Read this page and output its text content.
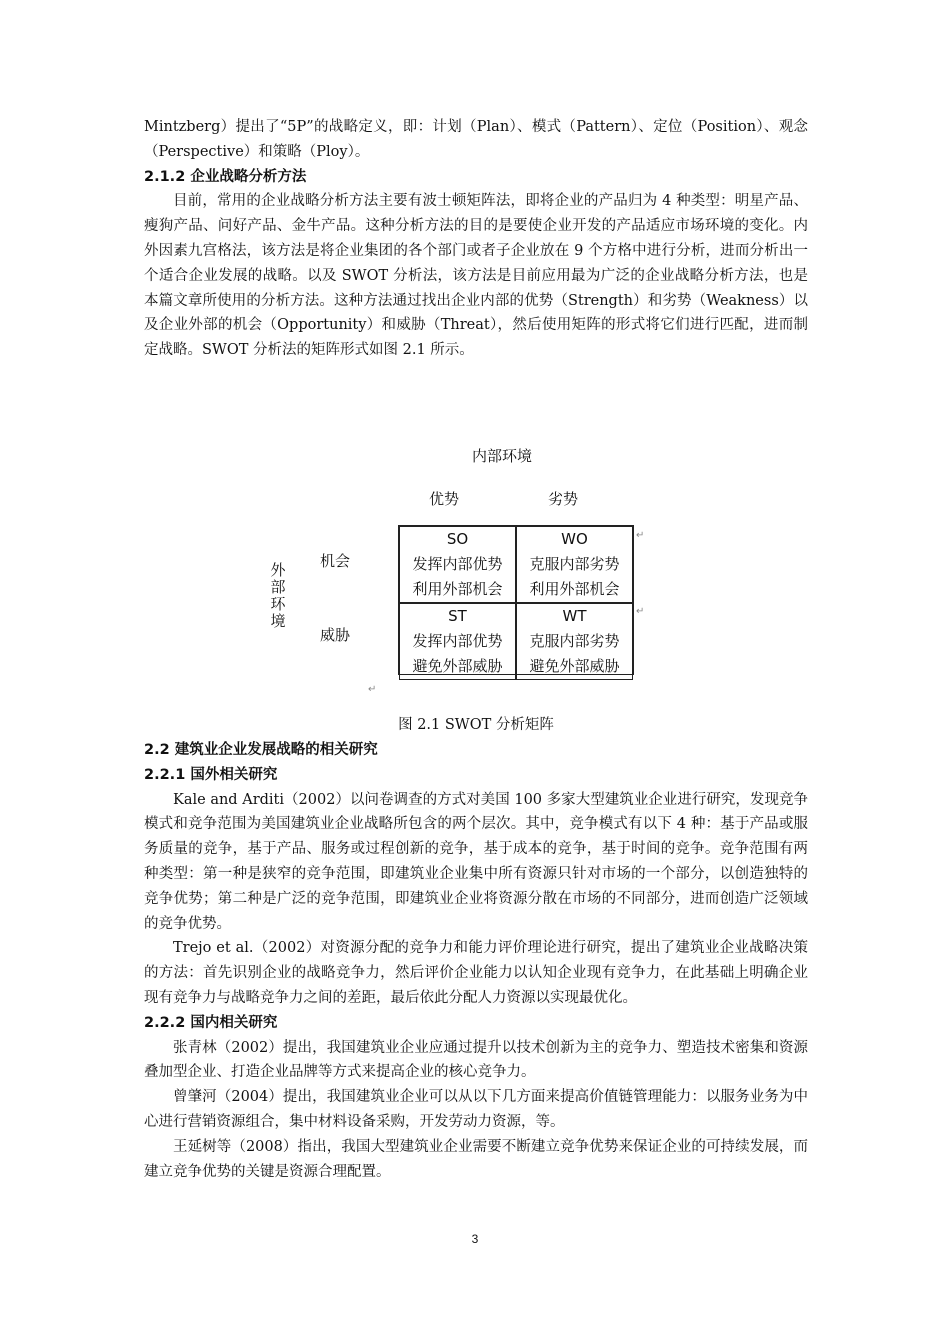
Mintzberg）提出了“5P”的战略定义，即：计划（Plan）、模式（Pattern）、定位（Position）、观念（Perspective）和策略（Ploy）。

2.1.2 企业战略分析方法

目前，常用的企业战略分析方法主要有波士顿矩阵法，即将企业的产品归为 4 种类型：明星产品、瘦狗产品、问好产品、金牛产品。这种分析方法的目的是要使企业开发的产品适应市场环境的变化。内外因素九宫格法，该方法是将企业集团的各个部门或者子企业放在 9 个方格中进行分析，进而分析出一个适合企业发展的战略。以及 SWOT 分析法，该方法是目前应用最为广泛的企业战略分析方法，也是本篇文章所使用的分析方法。这种方法通过找出企业内部的优势（Strength）和劣势（Weakness）以及企业外部的机会（Opportunity）和威胁（Threat），然后使用矩阵的形式将它们进行匹配，进而制定战略。SWOT 分析法的矩阵形式如图 2.1 所示。

内部环境
优势	劣势
外
部
环
境
机会
威胁
SO
发挥内部优势
利用外部机会
WO
克服内部劣势
利用外部机会
ST
发挥内部优势
避免外部威胁
WT
克服内部劣势
避免外部威胁
↵
↵
↵
图 2.1 SWOT 分析矩阵
2.2 建筑业企业发展战略的相关研究
2.2.1 国外相关研究

Kale and Arditi（2002）以问卷调查的方式对美国 100 多家大型建筑业企业进行研究，发现竞争模式和竞争范围为美国建筑业企业战略所包含的两个层次。其中，竞争模式有以下 4 种：基于产品或服务质量的竞争，基于产品、服务或过程创新的竞争，基于成本的竞争，基于时间的竞争。竞争范围有两种类型：第一种是狭窄的竞争范围，即建筑业企业集中所有资源只针对市场的一个部分，以创造独特的竞争优势；第二种是广泛的竞争范围，即建筑业企业将资源分散在市场的不同部分，进而创造广泛领域的竞争优势。

Trejo et al.（2002）对资源分配的竞争力和能力评价理论进行研究，提出了建筑业企业战略决策的方法：首先识别企业的战略竞争力，然后评价企业能力以认知企业现有竞争力，在此基础上明确企业现有竞争力与战略竞争力之间的差距，最后依此分配人力资源以实现最优化。

2.2.2 国内相关研究

张青林（2002）提出，我国建筑业企业应通过提升以技术创新为主的竞争力、塑造技术密集和资源叠加型企业、打造企业品牌等方式来提高企业的核心竞争力。

曾肇河（2004）提出，我国建筑业企业可以从以下几方面来提高价值链管理能力：以服务业务为中心进行营销资源组合，集中材料设备采购，开发劳动力资源，等。

王延树等（2008）指出，我国大型建筑业企业需要不断建立竞争优势来保证企业的可持续发展，而建立竞争优势的关键是资源合理配置。

3
